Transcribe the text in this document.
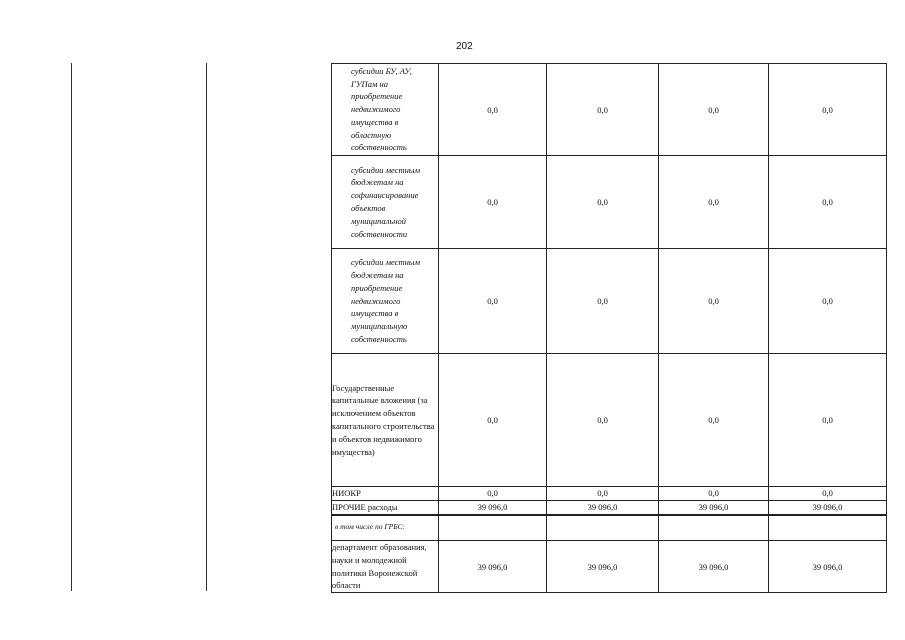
202
субсидии БУ, АУ, ГУПам на приобретение недвижимого имущества в областную собственность	0,0	0,0	0,0	0,0
субсидии местным бюджетам на софинансирование объектов муниципальной собственности	0,0	0,0	0,0	0,0
субсидии местным бюджетам на приобретение недвижимого имущества в муниципальную собственность	0,0	0,0	0,0	0,0
Государственные капитальные вложения (за исключением объектов капитального строительства и объектов недвижимого имущества)	0,0	0,0	0,0	0,0
НИОКР	0,0	0,0	0,0	0,0
ПРОЧИЕ расходы	39 096,0	39 096,0	39 096,0	39 096,0
в том числе по ГРБС:				
департамент образования, науки и молодежной политики Воронежской области	39 096,0	39 096,0	39 096,0	39 096,0
